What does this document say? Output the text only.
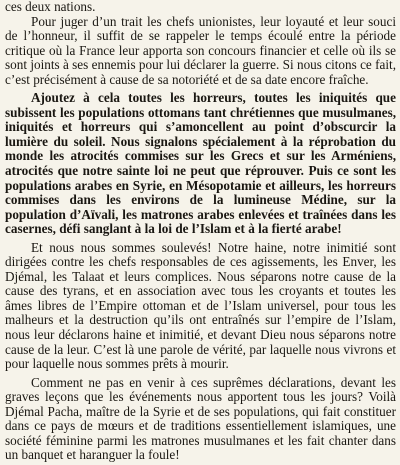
ces deux nations.

Pour juger d’un trait les chefs unionistes, leur loyauté et leur souci de l’honneur, il suffit de se rappeler le temps écoulé entre la période critique où la France leur apporta son concours financier et celle où ils se sont joints à ses ennemis pour lui déclarer la guerre. Si nous citons ce fait, c’est précisément à cause de sa notoriété et de sa date encore fraîche.

Ajoutez à cela toutes les horreurs, toutes les iniquités que subissent les populations ottomans tant chrétiennes que musulmanes, iniquités et horreurs qui s’amoncellent au point d’obscurcir la lumière du soleil. Nous signalons spécialement à la réprobation du monde les atrocités commises sur les Grecs et sur les Arméniens, atrocités que notre sainte loi ne peut que réprouver. Puis ce sont les populations arabes en Syrie, en Mésopotamie et ailleurs, les horreurs commises dans les environs de la lumineuse Médine, sur la population d’Aïvali, les matrones arabes enlevées et traînées dans les casernes, défi sanglant à la loi de l’Islam et à la fierté arabe!

Et nous nous sommes soulevés! Notre haine, notre inimitié sont dirigées contre les chefs responsables de ces agissements, les Enver, les Djémal, les Talaat et leurs complices. Nous séparons notre cause de la cause des tyrans, et en association avec tous les croyants et toutes les âmes libres de l’Empire ottoman et de l’Islam universel, pour tous les malheurs et la destruction qu’ils ont entraînés sur l’empire de l’Islam, nous leur déclarons haine et inimitié, et devant Dieu nous séparons notre cause de la leur. C’est là une parole de vérité, par laquelle nous vivrons et pour laquelle nous sommes prêts à mourir.

Comment ne pas en venir à ces suprêmes déclarations, devant les graves leçons que les événements nous apportent tous les jours? Voilà Djémal Pacha, maître de la Syrie et de ses populations, qui fait constituer dans ce pays de mœurs et de traditions essentiellement islamiques, une société féminine parmi les matrones musulmanes et les fait chanter dans un banquet et haranguer la foule!
